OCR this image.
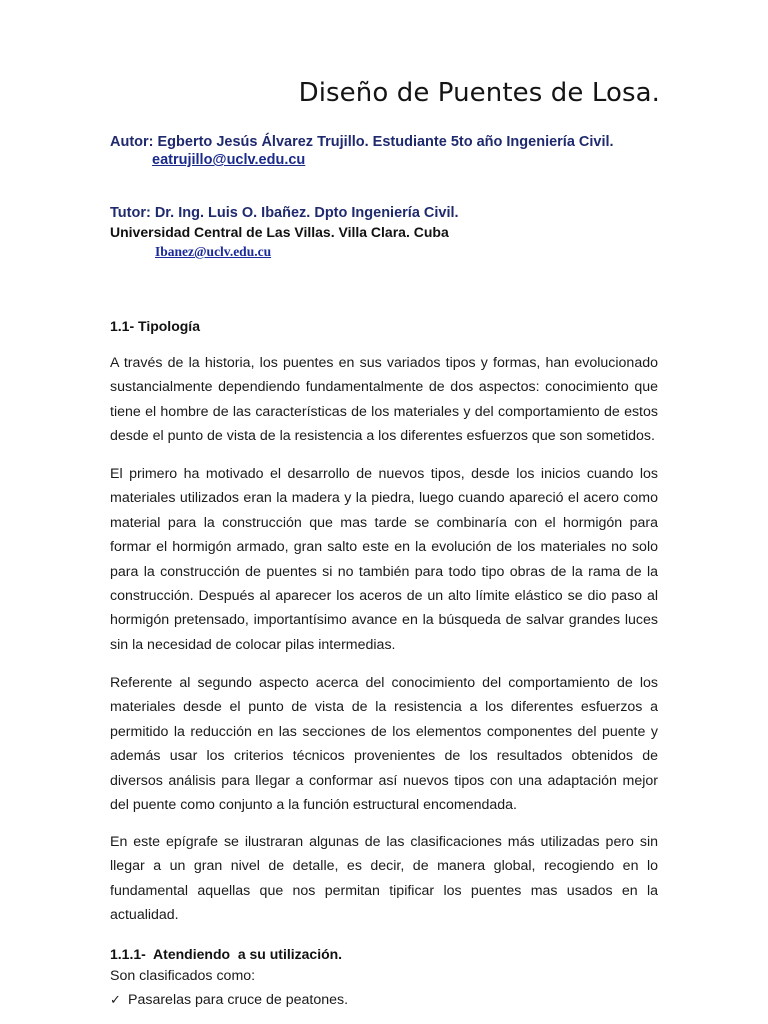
Diseño de Puentes de Losa.
Autor: Egberto Jesús Álvarez Trujillo. Estudiante 5to año Ingeniería Civil.
eatrujillo@uclv.edu.cu
Tutor: Dr. Ing. Luis O. Ibañez. Dpto Ingeniería Civil.
Universidad Central de Las Villas. Villa Clara. Cuba
Ibanez@uclv.edu.cu
1.1- Tipología

A través de la historia, los puentes en sus variados tipos y formas, han evolucionado sustancialmente dependiendo fundamentalmente de dos aspectos: conocimiento que tiene el hombre de las características de los materiales y del comportamiento de estos desde el punto de vista de la resistencia a los diferentes esfuerzos que son sometidos.

El primero ha motivado el desarrollo de nuevos tipos, desde los inicios cuando los materiales utilizados eran la madera y la piedra, luego cuando apareció el acero como material para la construcción que mas tarde se combinaría con el hormigón para formar el hormigón armado, gran salto este en la evolución de los materiales no solo para la construcción de puentes si no también para todo tipo obras de la rama de la construcción. Después al aparecer los aceros de un alto límite elástico se dio paso al hormigón pretensado, importantísimo avance en la búsqueda de salvar grandes luces sin la necesidad de colocar pilas intermedias.

Referente al segundo aspecto acerca del conocimiento del comportamiento de los materiales desde el punto de vista de la resistencia a los diferentes esfuerzos a permitido la reducción en las secciones de los elementos componentes del puente y además usar los criterios técnicos provenientes de los resultados obtenidos de diversos análisis para llegar a conformar así nuevos tipos con una adaptación mejor del puente como conjunto a la función estructural encomendada.

En este epígrafe se ilustraran algunas de las clasificaciones más utilizadas pero sin llegar a un gran nivel de detalle, es decir, de manera global, recogiendo en lo fundamental aquellas que nos permitan tipificar los puentes mas usados en la actualidad.

1.1.1-  Atendiendo  a su utilización.
Son clasificados como:
✓ Pasarelas para cruce de peatones.
